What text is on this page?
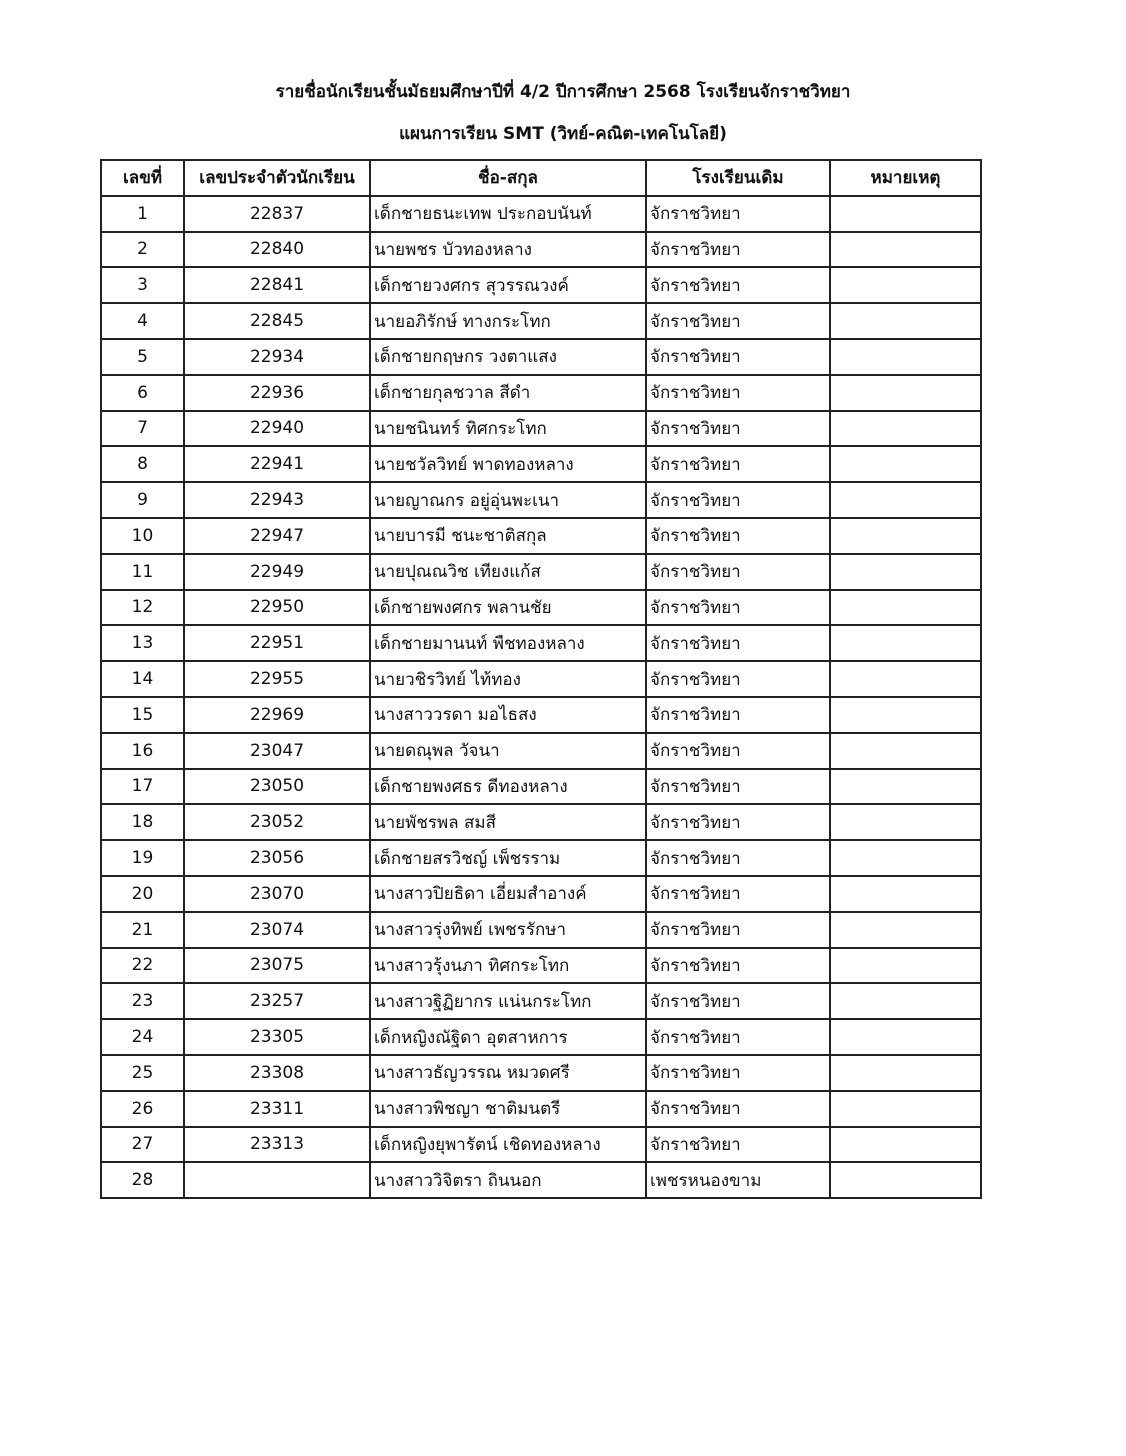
รายชื่อนักเรียนชั้นมัธยมศึกษาปีที่ 4/2 ปีการศึกษา 2568 โรงเรียนจักราชวิทยา
แผนการเรียน SMT (วิทย์-คณิต-เทคโนโลยี)
เลขที่	เลขประจำตัวนักเรียน	ชื่อ-สกุล	โรงเรียนเดิม	หมายเหตุ
1	22837	เด็กชายธนะเทพ ประกอบนันท์	จักราชวิทยา	
2	22840	นายพชร บัวทองหลาง	จักราชวิทยา	
3	22841	เด็กชายวงศกร สุวรรณวงค์	จักราชวิทยา	
4	22845	นายอภิรักษ์ ทางกระโทก	จักราชวิทยา	
5	22934	เด็กชายกฤษกร วงตาแสง	จักราชวิทยา	
6	22936	เด็กชายกุลชวาล สีดำ	จักราชวิทยา	
7	22940	นายชนินทร์ ทิศกระโทก	จักราชวิทยา	
8	22941	นายชวัลวิทย์ พาดทองหลาง	จักราชวิทยา	
9	22943	นายญาณกร อยู่อุ่นพะเนา	จักราชวิทยา	
10	22947	นายบารมี ชนะชาติสกุล	จักราชวิทยา	
11	22949	นายปุณณวิช เทียงแก้ส	จักราชวิทยา	
12	22950	เด็กชายพงศกร พลานชัย	จักราชวิทยา	
13	22951	เด็กชายมานนท์ พืชทองหลาง	จักราชวิทยา	
14	22955	นายวชิรวิทย์ ไท้ทอง	จักราชวิทยา	
15	22969	นางสาววรดา มอไธสง	จักราชวิทยา	
16	23047	นายดณุพล วัจนา	จักราชวิทยา	
17	23050	เด็กชายพงศธร ดีทองหลาง	จักราชวิทยา	
18	23052	นายพัชรพล สมสี	จักราชวิทยา	
19	23056	เด็กชายสรวิชญ์ เพ็ชรราม	จักราชวิทยา	
20	23070	นางสาวปิยธิดา เอี่ยมสำอางค์	จักราชวิทยา	
21	23074	นางสาวรุ่งทิพย์ เพชรรักษา	จักราชวิทยา	
22	23075	นางสาวรุ้งนภา ทิศกระโทก	จักราชวิทยา	
23	23257	นางสาวฐิฏิยากร แน่นกระโทก	จักราชวิทยา	
24	23305	เด็กหญิงณัฐิดา อุตสาหการ	จักราชวิทยา	
25	23308	นางสาวธัญวรรณ หมวดศรี	จักราชวิทยา	
26	23311	นางสาวพิชญา ชาติมนตรี	จักราชวิทยา	
27	23313	เด็กหญิงยุพารัตน์ เชิดทองหลาง	จักราชวิทยา	
28		นางสาววิจิตรา ถินนอก	เพชรหนองขาม	
